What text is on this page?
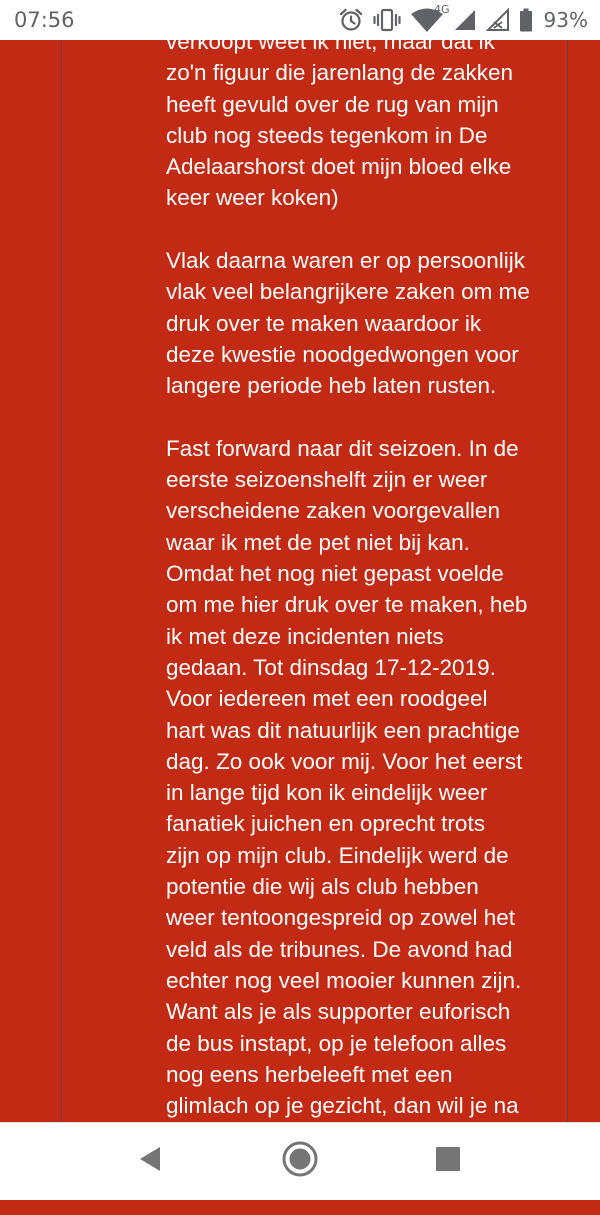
07:56	4G	93%

verkoopt weet ik niet, maar dat ik
zo'n figuur die jarenlang de zakken
heeft gevuld over de rug van mijn
club nog steeds tegenkom in De
Adelaarshorst doet mijn bloed elke
keer weer koken)

Vlak daarna waren er op persoonlijk
vlak veel belangrijkere zaken om me
druk over te maken waardoor ik
deze kwestie noodgedwongen voor
langere periode heb laten rusten.

Fast forward naar dit seizoen. In de
eerste seizoenshelft zijn er weer
verscheidene zaken voorgevallen
waar ik met de pet niet bij kan.
Omdat het nog niet gepast voelde
om me hier druk over te maken, heb
ik met deze incidenten niets
gedaan. Tot dinsdag 17-12-2019.
Voor iedereen met een roodgeel
hart was dit natuurlijk een prachtige
dag. Zo ook voor mij. Voor het eerst
in lange tijd kon ik eindelijk weer
fanatiek juichen en oprecht trots
zijn op mijn club. Eindelijk werd de
potentie die wij als club hebben
weer tentoongespreid op zowel het
veld als de tribunes. De avond had
echter nog veel mooier kunnen zijn.
Want als je als supporter euforisch
de bus instapt, op je telefoon alles
nog eens herbeleeft met een
glimlach op je gezicht, dan wil je na
